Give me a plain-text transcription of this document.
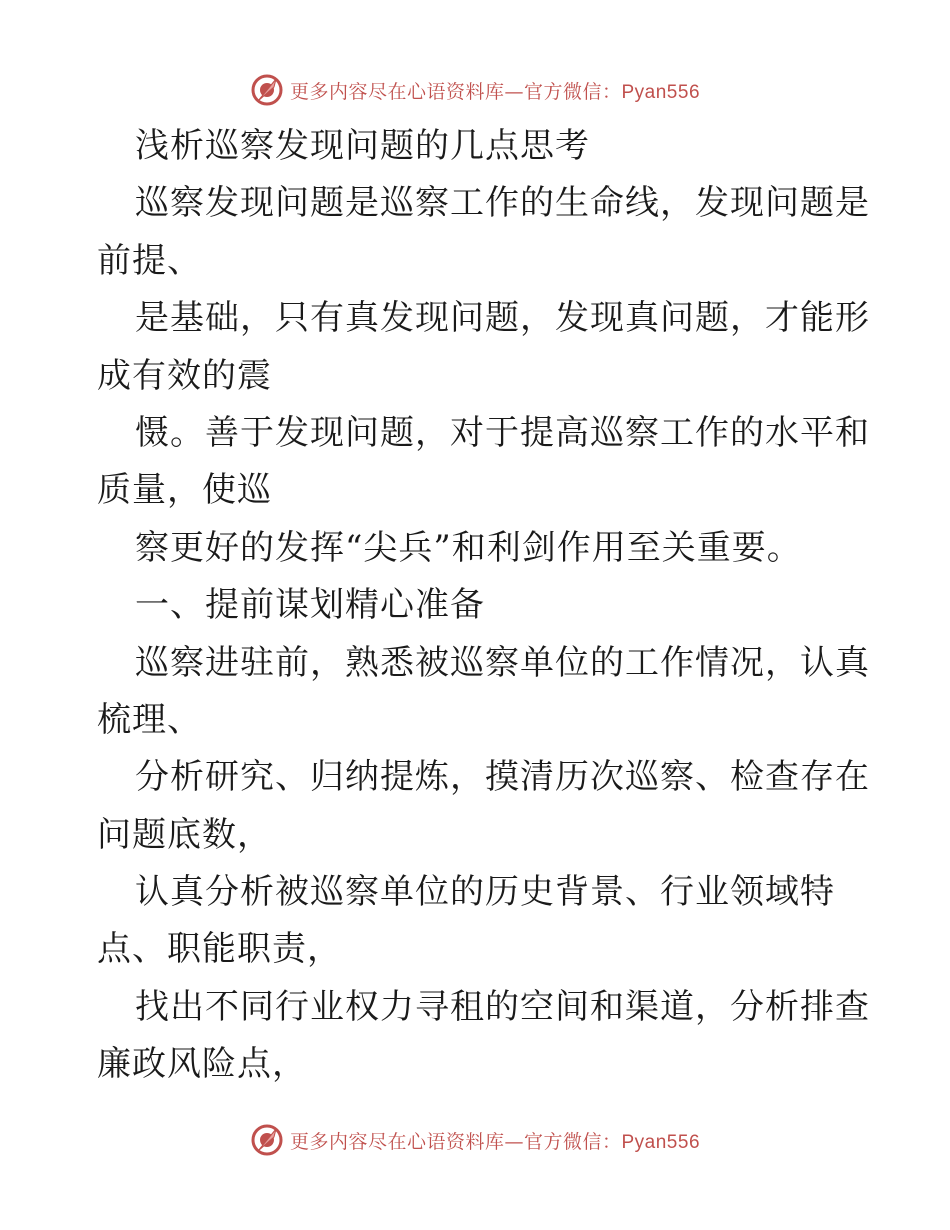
更多内容尽在心语资料库—官方微信：Pyan556
浅析巡察发现问题的几点思考
巡察发现问题是巡察工作的生命线，发现问题是
前提、
是基础，只有真发现问题，发现真问题，才能形
成有效的震
慑。善于发现问题，对于提高巡察工作的水平和
质量，使巡
察更好的发挥“尖兵”和利剑作用至关重要。
一、提前谋划精心准备
巡察进驻前，熟悉被巡察单位的工作情况，认真
梳理、
分析研究、归纳提炼，摸清历次巡察、检查存在
问题底数，
认真分析被巡察单位的历史背景、行业领域特
点、职能职责，
找出不同行业权力寻租的空间和渠道，分析排查
廉政风险点，
更多内容尽在心语资料库—官方微信：Pyan556
